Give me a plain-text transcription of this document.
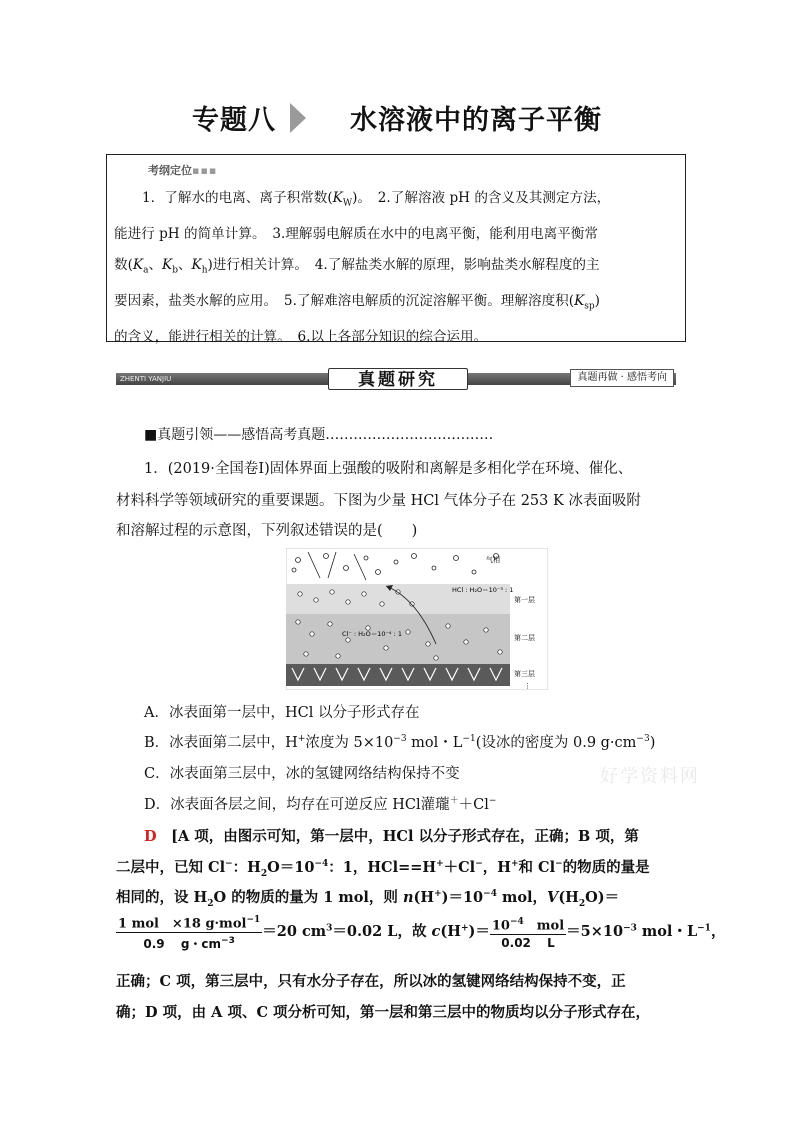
专题八	水溶液中的离子平衡
考纲定位▪▪▪
1．了解水的电离、离子积常数$(K_W)$。　2.了解溶液 pH 的含义及其测定方法，
能进行 pH 的简单计算。　3.理解弱电解质在水中的电离平衡，能利用电离平衡常
数($K_a$、$K_b$、$K_h$)进行相关计算。　4.了解盐类水解的原理，影响盐类水解程度的主
要因素，盐类水解的应用。　5.了解难溶电解质的沉淀溶解平衡。理解溶度积$(K_{sp})$
的含义，能进行相关的计算。　6.以上各部分知识的综合运用。
ZHENTI YANJIU	真题研究	真题再做 · 感悟考向
■真题引领——感悟高考真题………………………………
1．(2019·全国卷Ⅰ)固体界面上强酸的吸附和离解是多相化学在环境、催化、
材料科学等领域研究的重要课题。下图为少量 HCl 气体分子在 253 K 冰表面吸附
和溶解过程的示意图，下列叙述错误的是(　　)
气相
HCl : H₂O＝10⁻³ : 1
Cl⁻ : H₂O＝10⁻⁴ : 1
第一层
第二层
第三层
⋮
A．冰表面第一层中，HCl 以分子形式存在
B．冰表面第二层中，H+浓度为 $5\times 10^{-3}$ mol・$L^{-1}$(设冰的密度为 0.9 $g\cdot cm^{-3}$)
C．冰表面第三层中，冰的氢键网络结构保持不变
D．冰表面各层之间，均存在可逆反应 HCl灌瓏＋＋Cl−
好学资料网
D　 [A 项，由图示可知，第一层中，HCl 以分子形式存在，正确；B 项，第
二层中，已知 Cl−：$H_2O=10^{-4}$：1，HCl==H+＋Cl−，H+和 Cl−的物质的量是
相同的，设 $H_2O$ 的物质的量为 1 mol，则 $n(H^+)=10^{-4}$ mol，$V(H_2O)=$
$\frac{1 mol \times 18 g\cdot mol^{-1}}{0.9 g・cm^{-3}} =20$ $cm^3=0.02$ L，故 $c(H^+)= \frac{10^{-4} mol}{0.02 L} =5\times 10^{-3}$ mol・$L^{-1}$，
正确；C 项，第三层中，只有水分子存在，所以冰的氢键网络结构保持不变，正
确；D 项，由 A 项、C 项分析可知，第一层和第三层中的物质均以分子形式存在，
